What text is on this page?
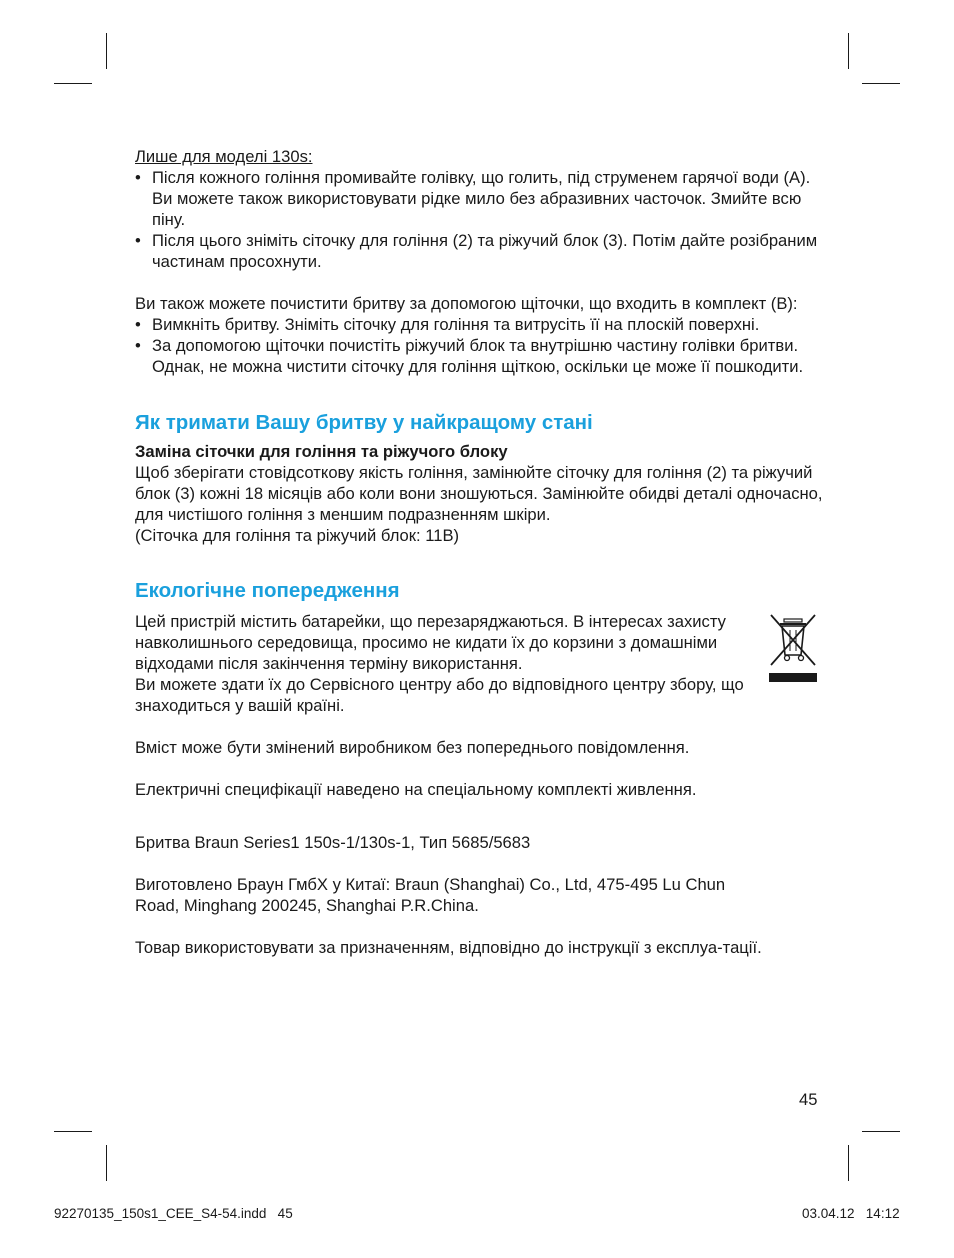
Лише для моделі 130s:

• Після кожного гоління промивайте голівку, що голить, під струменем гарячої води (А). Ви можете також використовувати рідке мило без абразивних часточок. Змийте всю піну.
• Після цього зніміть сіточку для гоління (2) та ріжучий блок (3). Потім дайте розібраним частинам просохнути.

Ви також можете почистити бритву за допомогою щіточки, що входить в комплект (В):

• Вимкніть бритву. Зніміть сіточку для гоління та витрусіть її на плоскій поверхні.
• За допомогою щіточки почистіть ріжучий блок та внутрішню частину голівки бритви. Однак, не можна чистити сіточку для гоління щіткою, оскільки це може її пошкодити.
Як тримати Вашу бритву у найкращому стані

Заміна сіточки для гоління та ріжучого блоку

Щоб зберігати стовідсоткову якість гоління, замінюйте сіточку для гоління (2) та ріжучий блок (3) кожні 18 місяців або коли вони зношуються. Замінюйте обидві деталі одночасно, для чистішого гоління з меншим подразненням шкіри.

(Сіточка для гоління та ріжучий блок: 11В)

Екологічне попередження

Цей пристрій містить батарейки, що перезаряджаються. В інтересах захисту навколишнього середовища, просимо не кидати їх до корзини з домашніми відходами після закінчення терміну використання.

Ви можете здати їх до Сервісного центру або до відповідного центру збору, що знаходиться у вашій країні.

Вміст може бути змінений виробником без попереднього повідомлення.

Електричні специфікації наведено на спеціальному комплекті живлення.

Бритва Braun Series1 150s-1/130s-1, Тип 5685/5683

Виготовлено Браун ГмбХ у Китаї: Braun (Shanghai) Co., Ltd, 475-495 Lu Chun Road, Minghang 200245, Shanghai P.R.China.

Товар використовувати за призначенням, відповідно до інструкції з експлуа-тації.

45
92270135_150s1_CEE_S4-54.indd   45	03.04.12   14:12
